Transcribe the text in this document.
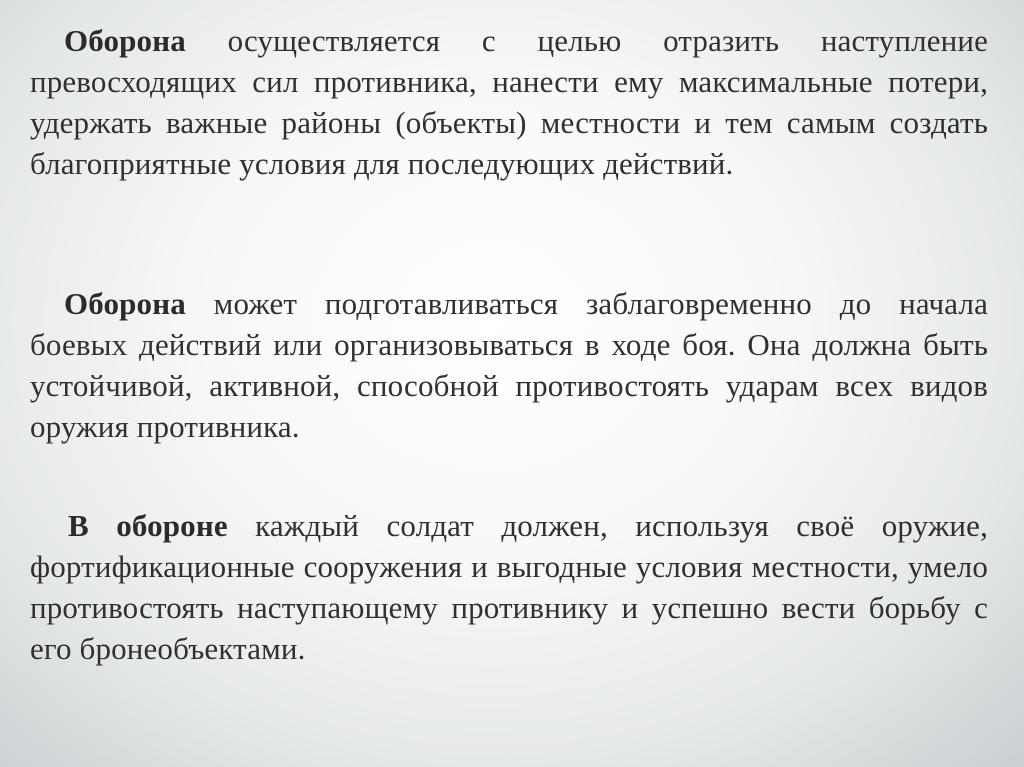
Оборона осуществляется с целью отразить наступление превосходящих сил противника, нанести ему максимальные потери, удержать важные районы (объекты) местности и тем самым создать благоприятные условия для последующих действий.

Оборона может подготавливаться заблаговременно до начала боевых действий или организовываться в ходе боя. Она должна быть устойчивой, активной, способной противостоять ударам всех видов оружия противника.

В обороне каждый солдат должен, используя своё оружие, фортификационные сооружения и выгодные условия местности, умело противостоять наступающему противнику и успешно вести борьбу с его бронеобъектами.
